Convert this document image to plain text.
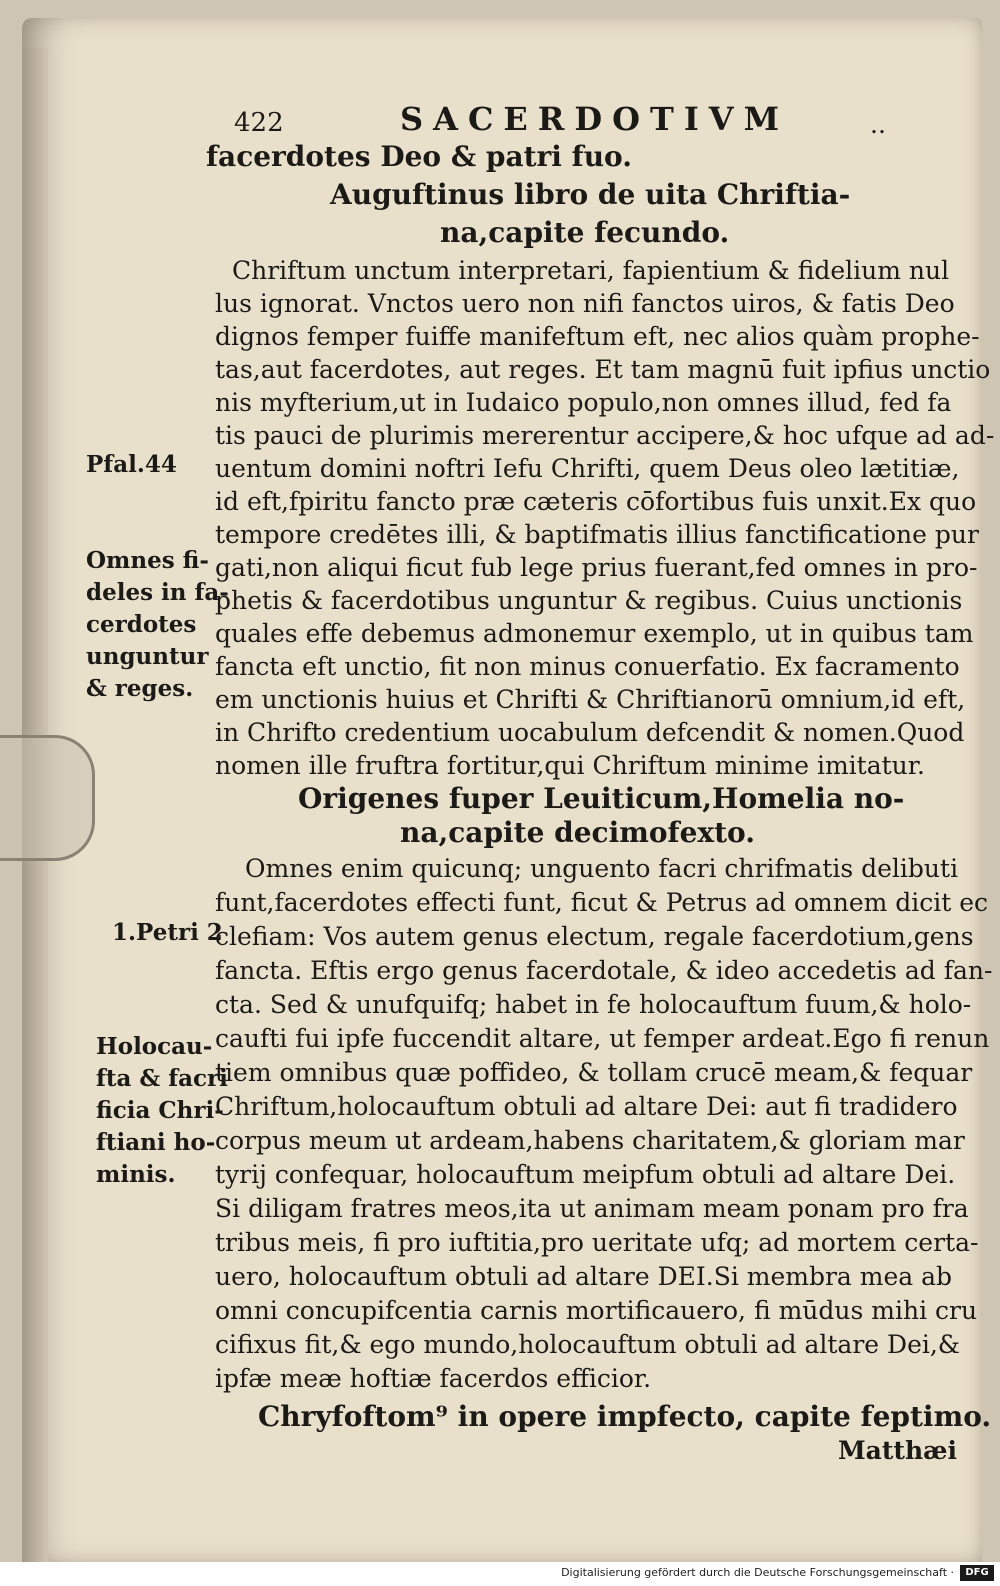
422	SACERDOTIVM	..
facerdotes Deo & patri fuo.
Auguftinus libro de uita Chriftia-
na,capite fecundo.
Chriftum unctum interpretari, fapientium & fidelium nul
lus ignorat. Vnctos uero non nifi fanctos uiros, & fatis Deo
dignos femper fuiffe manifeftum eft, nec alios quàm prophe-
tas,aut facerdotes, aut reges. Et tam magnū fuit ipfius unctio
nis myfterium,ut in Iudaico populo,non omnes illud, fed fa
tis pauci de plurimis mererentur accipere,& hoc ufque ad ad-
uentum domini noftri Iefu Chrifti, quem Deus oleo lætitiæ,
id eft,fpiritu fancto præ cæteris cōfortibus fuis unxit.Ex quo
tempore credētes illi, & baptifmatis illius fanctificatione pur
gati,non aliqui ficut fub lege prius fuerant,fed omnes in pro-
phetis & facerdotibus unguntur & regibus. Cuius unctionis
quales effe debemus admonemur exemplo, ut in quibus tam
fancta eft unctio, fit non minus conuerfatio. Ex facramento
em unctionis huius et Chrifti & Chriftianorū omnium,id eft,
in Chrifto credentium uocabulum defcendit & nomen.Quod
nomen ille fruftra fortitur,qui Chriftum minime imitatur.
Origenes fuper Leuiticum,Homelia no-
na,capite decimofexto.
Omnes enim quicunq; unguento facri chrifmatis delibuti
funt,facerdotes effecti funt, ficut & Petrus ad omnem dicit ec
clefiam: Vos autem genus electum, regale facerdotium,gens
fancta. Eftis ergo genus facerdotale, & ideo accedetis ad fan-
cta. Sed & unufquifq; habet in fe holocauftum fuum,& holo-
caufti fui ipfe fuccendit altare, ut femper ardeat.Ego fi renun
tiem omnibus quæ poffideo, & tollam crucē meam,& fequar
Chriftum,holocauftum obtuli ad altare Dei: aut fi tradidero
corpus meum ut ardeam,habens charitatem,& gloriam mar
tyrij confequar, holocauftum meipfum obtuli ad altare Dei.
Si diligam fratres meos,ita ut animam meam ponam pro fra
tribus meis, fi pro iuftitia,pro ueritate ufq; ad mortem certa-
uero, holocauftum obtuli ad altare DEI.Si membra mea ab
omni concupifcentia carnis mortificauero, fi mūdus mihi cru
cifixus fit,& ego mundo,holocauftum obtuli ad altare Dei,&
ipfæ meæ hoftiæ facerdos efficior.
Chryfoftom⁹ in opere impfecto, capite feptimo.
Matthæi
Pfal.44
Omnes fi-
deles in fa-
cerdotes
unguntur
& reges.
1.Petri 2
Holocau-
fta & facri
ficia Chri-
ftiani ho-
minis.
Digitalisierung gefördert durch die Deutsche Forschungsgemeinschaft ·	DFG
